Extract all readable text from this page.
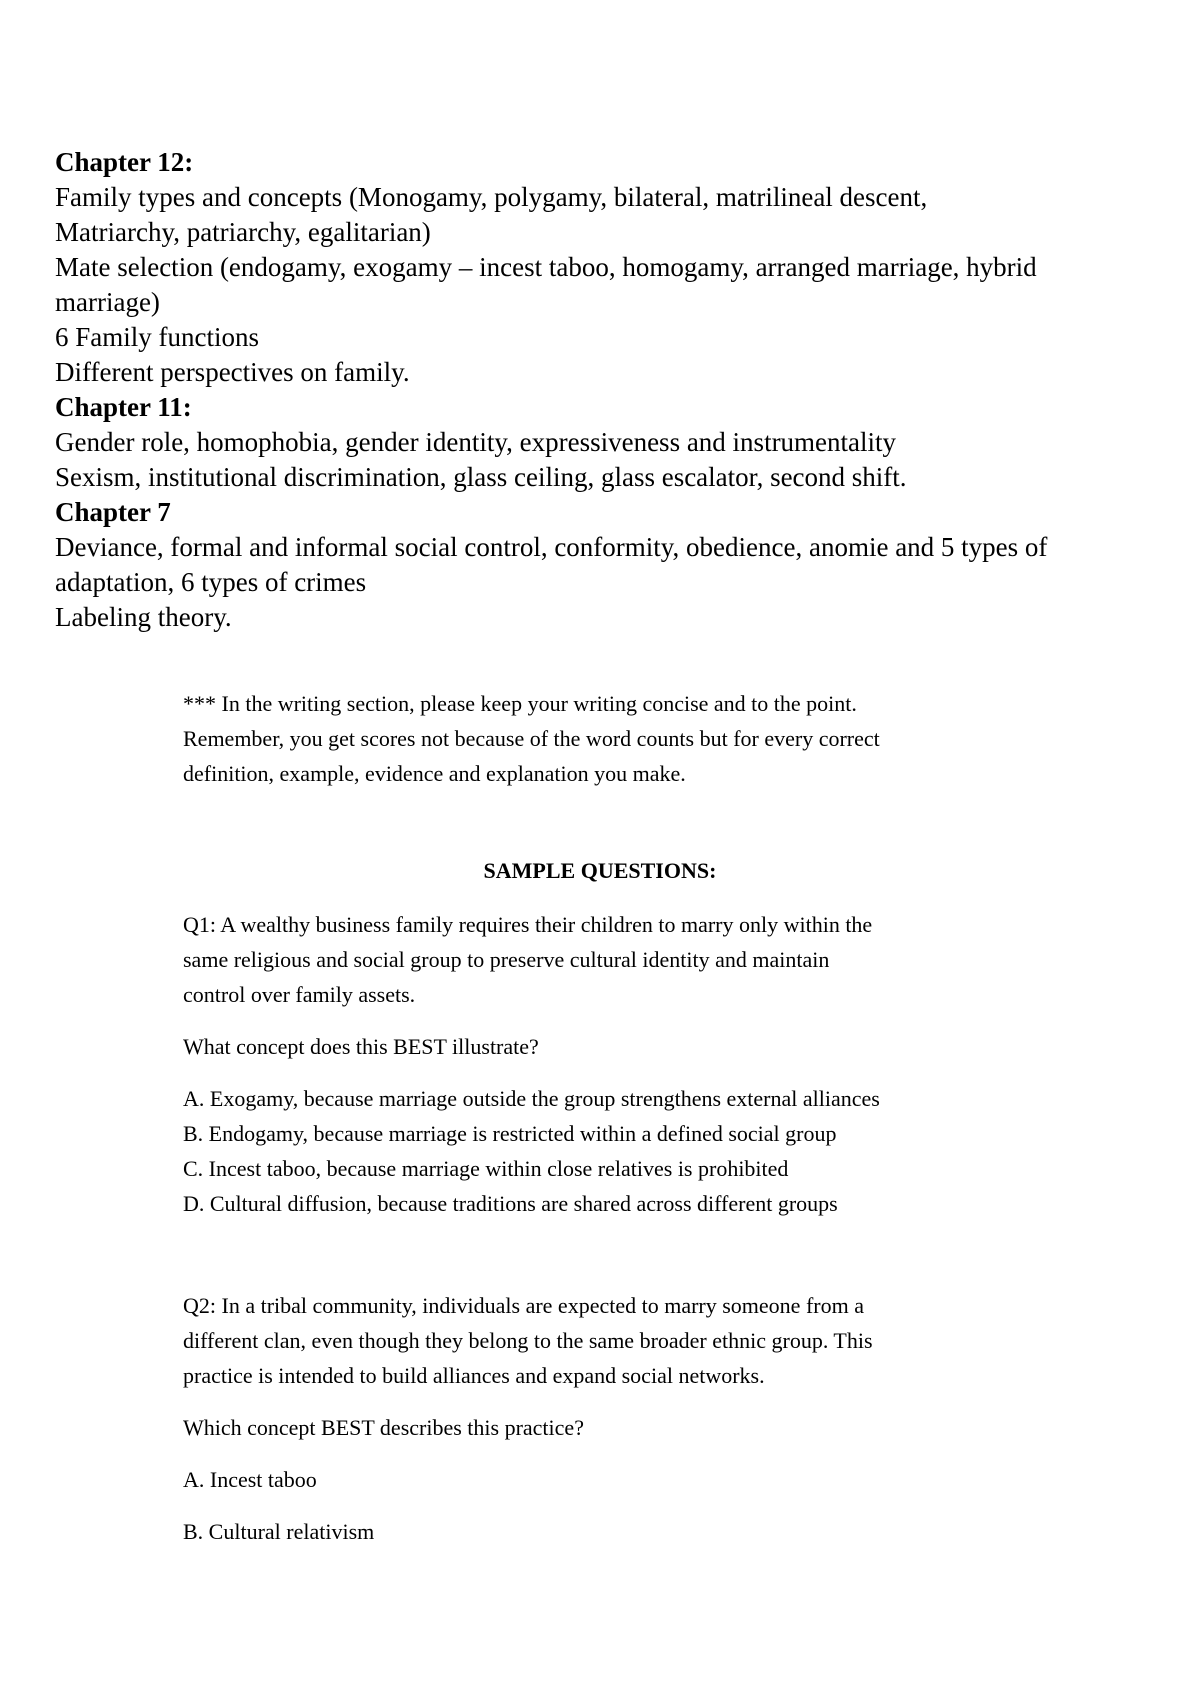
Chapter 12:
Family types and concepts (Monogamy, polygamy, bilateral, matrilineal descent,
Matriarchy, patriarchy, egalitarian)
Mate selection (endogamy, exogamy – incest taboo, homogamy, arranged marriage, hybrid
marriage)
6 Family functions
Different perspectives on family.
Chapter 11:
Gender role, homophobia, gender identity, expressiveness and instrumentality
Sexism, institutional discrimination, glass ceiling, glass escalator, second shift.
Chapter 7
Deviance, formal and informal social control, conformity, obedience, anomie and 5 types of
adaptation, 6 types of crimes
Labeling theory.
*** In the writing section, please keep your writing concise and to the point.
Remember, you get scores not because of the word counts but for every correct
definition, example, evidence and explanation you make.
SAMPLE QUESTIONS:
Q1: A wealthy business family requires their children to marry only within the
same religious and social group to preserve cultural identity and maintain
control over family assets.
What concept does this BEST illustrate?
A. Exogamy, because marriage outside the group strengthens external alliances
B. Endogamy, because marriage is restricted within a defined social group
C. Incest taboo, because marriage within close relatives is prohibited
D. Cultural diffusion, because traditions are shared across different groups
Q2: In a tribal community, individuals are expected to marry someone from a
different clan, even though they belong to the same broader ethnic group. This
practice is intended to build alliances and expand social networks.
Which concept BEST describes this practice?
A. Incest taboo
B. Cultural relativism
